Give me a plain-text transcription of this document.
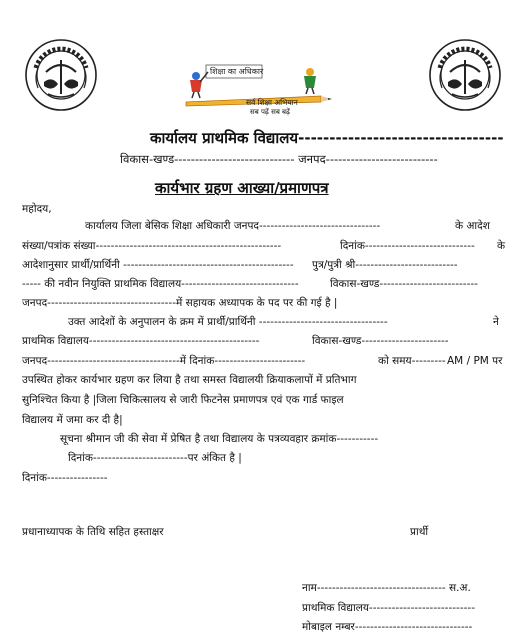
शिक्षा का अधिकार
सर्व शिक्षा अभियान
सब पढ़ें सब बढ़ें
कार्यालय प्राथमिक विद्यालय---------------------------------
विकास-खण्ड----------------------------- जनपद---------------------------
कार्यभार ग्रहण आख्या/प्रमाणपत्र
महोदय,
कार्यालय जिला बेसिक शिक्षा अधिकारी जनपद--------------------------------	के आदेश
संख्या/पत्रांक संख्या-------------------------------------------------	दिनांक----------------------------- के
आदेशानुसार प्रार्थी/प्रार्थिनी --------------------------------------------- पुत्र/पुत्री श्री---------------------------
----- की नवीन नियुक्ति प्राथमिक विद्यालय-------------------------------	विकास-खण्ड--------------------------
जनपद----------------------------------में सहायक अध्यापक के पद पर की गई है |
उक्त आदेशों के अनुपालन के क्रम में प्रार्थी/प्रार्थिनी ----------------------------------	ने
प्राथमिक विद्यालय---------------------------------------------	विकास-खण्ड-----------------------
जनपद-----------------------------------में दिनांक------------------------	को समय--------- AM / PM पर
उपस्थित होकर कार्यभार ग्रहण कर लिया है तथा समस्त विद्यालयी क्रियाकलापों में प्रतिभाग
सुनिश्चित किया है |जिला चिकित्सालय से जारी फिटनेस प्रमाणपत्र एवं एक गार्ड फाइल
विद्यालय में जमा कर दी है|
सूचना श्रीमान जी की सेवा में प्रेषित है तथा विद्यालय के पत्रव्यवहार क्रमांक-----------
दिनांक-------------------------पर अंकित है |
दिनांक----------------
प्रधानाध्यापक के तिथि सहित हस्ताक्षर	प्रार्थी
नाम---------------------------------- स.अ.
प्राथमिक विद्यालय----------------------------
मोबाइल नम्बर-------------------------------
